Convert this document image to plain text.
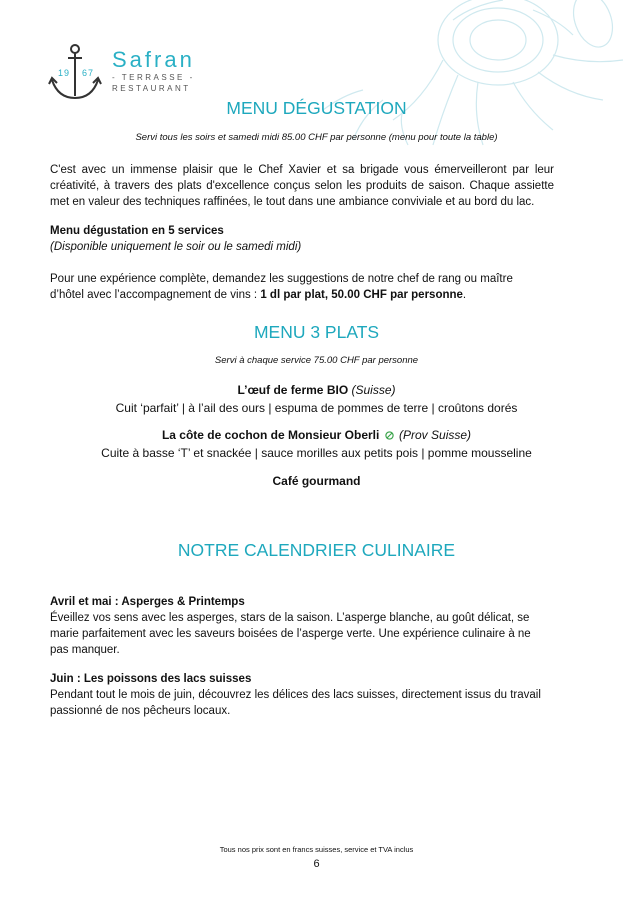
19 67
Safran
- TERRASSE -
RESTAURANT
MENU DÉGUSTATION
Servi tous les soirs et samedi midi 85.00 CHF par personne (menu pour toute la table)
C'est avec un immense plaisir que le Chef Xavier et sa brigade vous émerveilleront par leur créativité, à travers des plats d'excellence conçus selon les produits de saison. Chaque assiette met en valeur des techniques raffinées, le tout dans une ambiance conviviale et au bord du lac.
Menu dégustation en 5 services
(Disponible uniquement le soir ou le samedi midi)
Pour une expérience complète, demandez les suggestions de notre chef de rang ou maître
d’hôtel avec l’accompagnement de vins : 1 dl par plat, 50.00 CHF par personne.
MENU 3 PLATS
Servi à chaque service 75.00 CHF par personne
L’œuf de ferme BIO (Suisse)
Cuit ‘parfait’ | à l’ail des ours | espuma de pommes de terre | croûtons dorés
La côte de cochon de Monsieur Oberli (Prov Suisse)
Cuite à basse ‘T’ et snackée | sauce morilles aux petits pois | pomme mousseline
Café gourmand
NOTRE CALENDRIER CULINAIRE
Avril et mai : Asperges & Printemps
Éveillez vos sens avec les asperges, stars de la saison. L’asperge blanche, au goût délicat, se
marie parfaitement avec les saveurs boisées de l’asperge verte. Une expérience culinaire à ne
pas manquer.
Juin : Les poissons des lacs suisses
Pendant tout le mois de juin, découvrez les délices des lacs suisses, directement issus du travail
passionné de nos pêcheurs locaux.
Tous nos prix sont en francs suisses, service et TVA inclus
6
